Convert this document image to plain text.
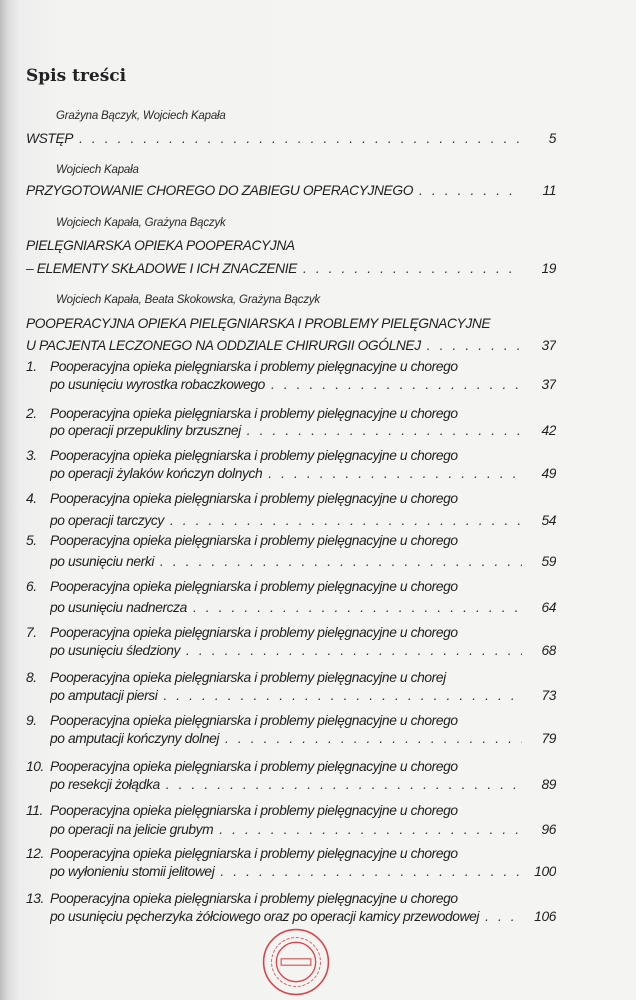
Spis treści
Grażyna Bączyk, Wojciech Kapała
WSTĘP . . .	5
Wojciech Kapała
PRZYGOTOWANIE CHOREGO DO ZABIEGU OPERACYJNEGO . . .	11
Wojciech Kapała, Grażyna Bączyk
PIELĘGNIARSKA OPIEKA POOPERACYJNA
– ELEMENTY SKŁADOWE I ICH ZNACZENIE . . .	19
Wojciech Kapała, Beata Skokowska, Grażyna Bączyk
POOPERACYJNA OPIEKA PIELĘGNIARSKA I PROBLEMY PIELĘGNACYJNE
U PACJENTA LECZONEGO NA ODDZIALE CHIRURGII OGÓLNEJ . . .	37
1. Pooperacyjna opieka pielęgniarska i problemy pielęgnacyjne u chorego
po usunięciu wyrostka robaczkowego . . .	37
2. Pooperacyjna opieka pielęgniarska i problemy pielęgnacyjne u chorego
po operacji przepukliny brzusznej . . .	42
3. Pooperacyjna opieka pielęgniarska i problemy pielęgnacyjne u chorego
po operacji żylaków kończyn dolnych . . .	49
4. Pooperacyjna opieka pielęgniarska i problemy pielęgnacyjne u chorego
po operacji tarczycy . . .	54
5. Pooperacyjna opieka pielęgniarska i problemy pielęgnacyjne u chorego
po usunięciu nerki . . .	59
6. Pooperacyjna opieka pielęgniarska i problemy pielęgnacyjne u chorego
po usunięciu nadnercza . . .	64
7. Pooperacyjna opieka pielęgniarska i problemy pielęgnacyjne u chorego
po usunięciu śledziony . . .	68
8. Pooperacyjna opieka pielęgniarska i problemy pielęgnacyjne u chorej
po amputacji piersi . . .	73
9. Pooperacyjna opieka pielęgniarska i problemy pielęgnacyjne u chorego
po amputacji kończyny dolnej . . .	79
10. Pooperacyjna opieka pielęgniarska i problemy pielęgnacyjne u chorego
po resekcji żołądka . . .	89
11. Pooperacyjna opieka pielęgniarska i problemy pielęgnacyjne u chorego
po operacji na jelicie grubym . . .	96
12. Pooperacyjna opieka pielęgniarska i problemy pielęgnacyjne u chorego
po wyłonieniu stomii jelitowej . . .	100
13. Pooperacyjna opieka pielęgniarska i problemy pielęgnacyjne u chorego
po usunięciu pęcherzyka żółciowego oraz po operacji kamicy przewodowej . . .	106
